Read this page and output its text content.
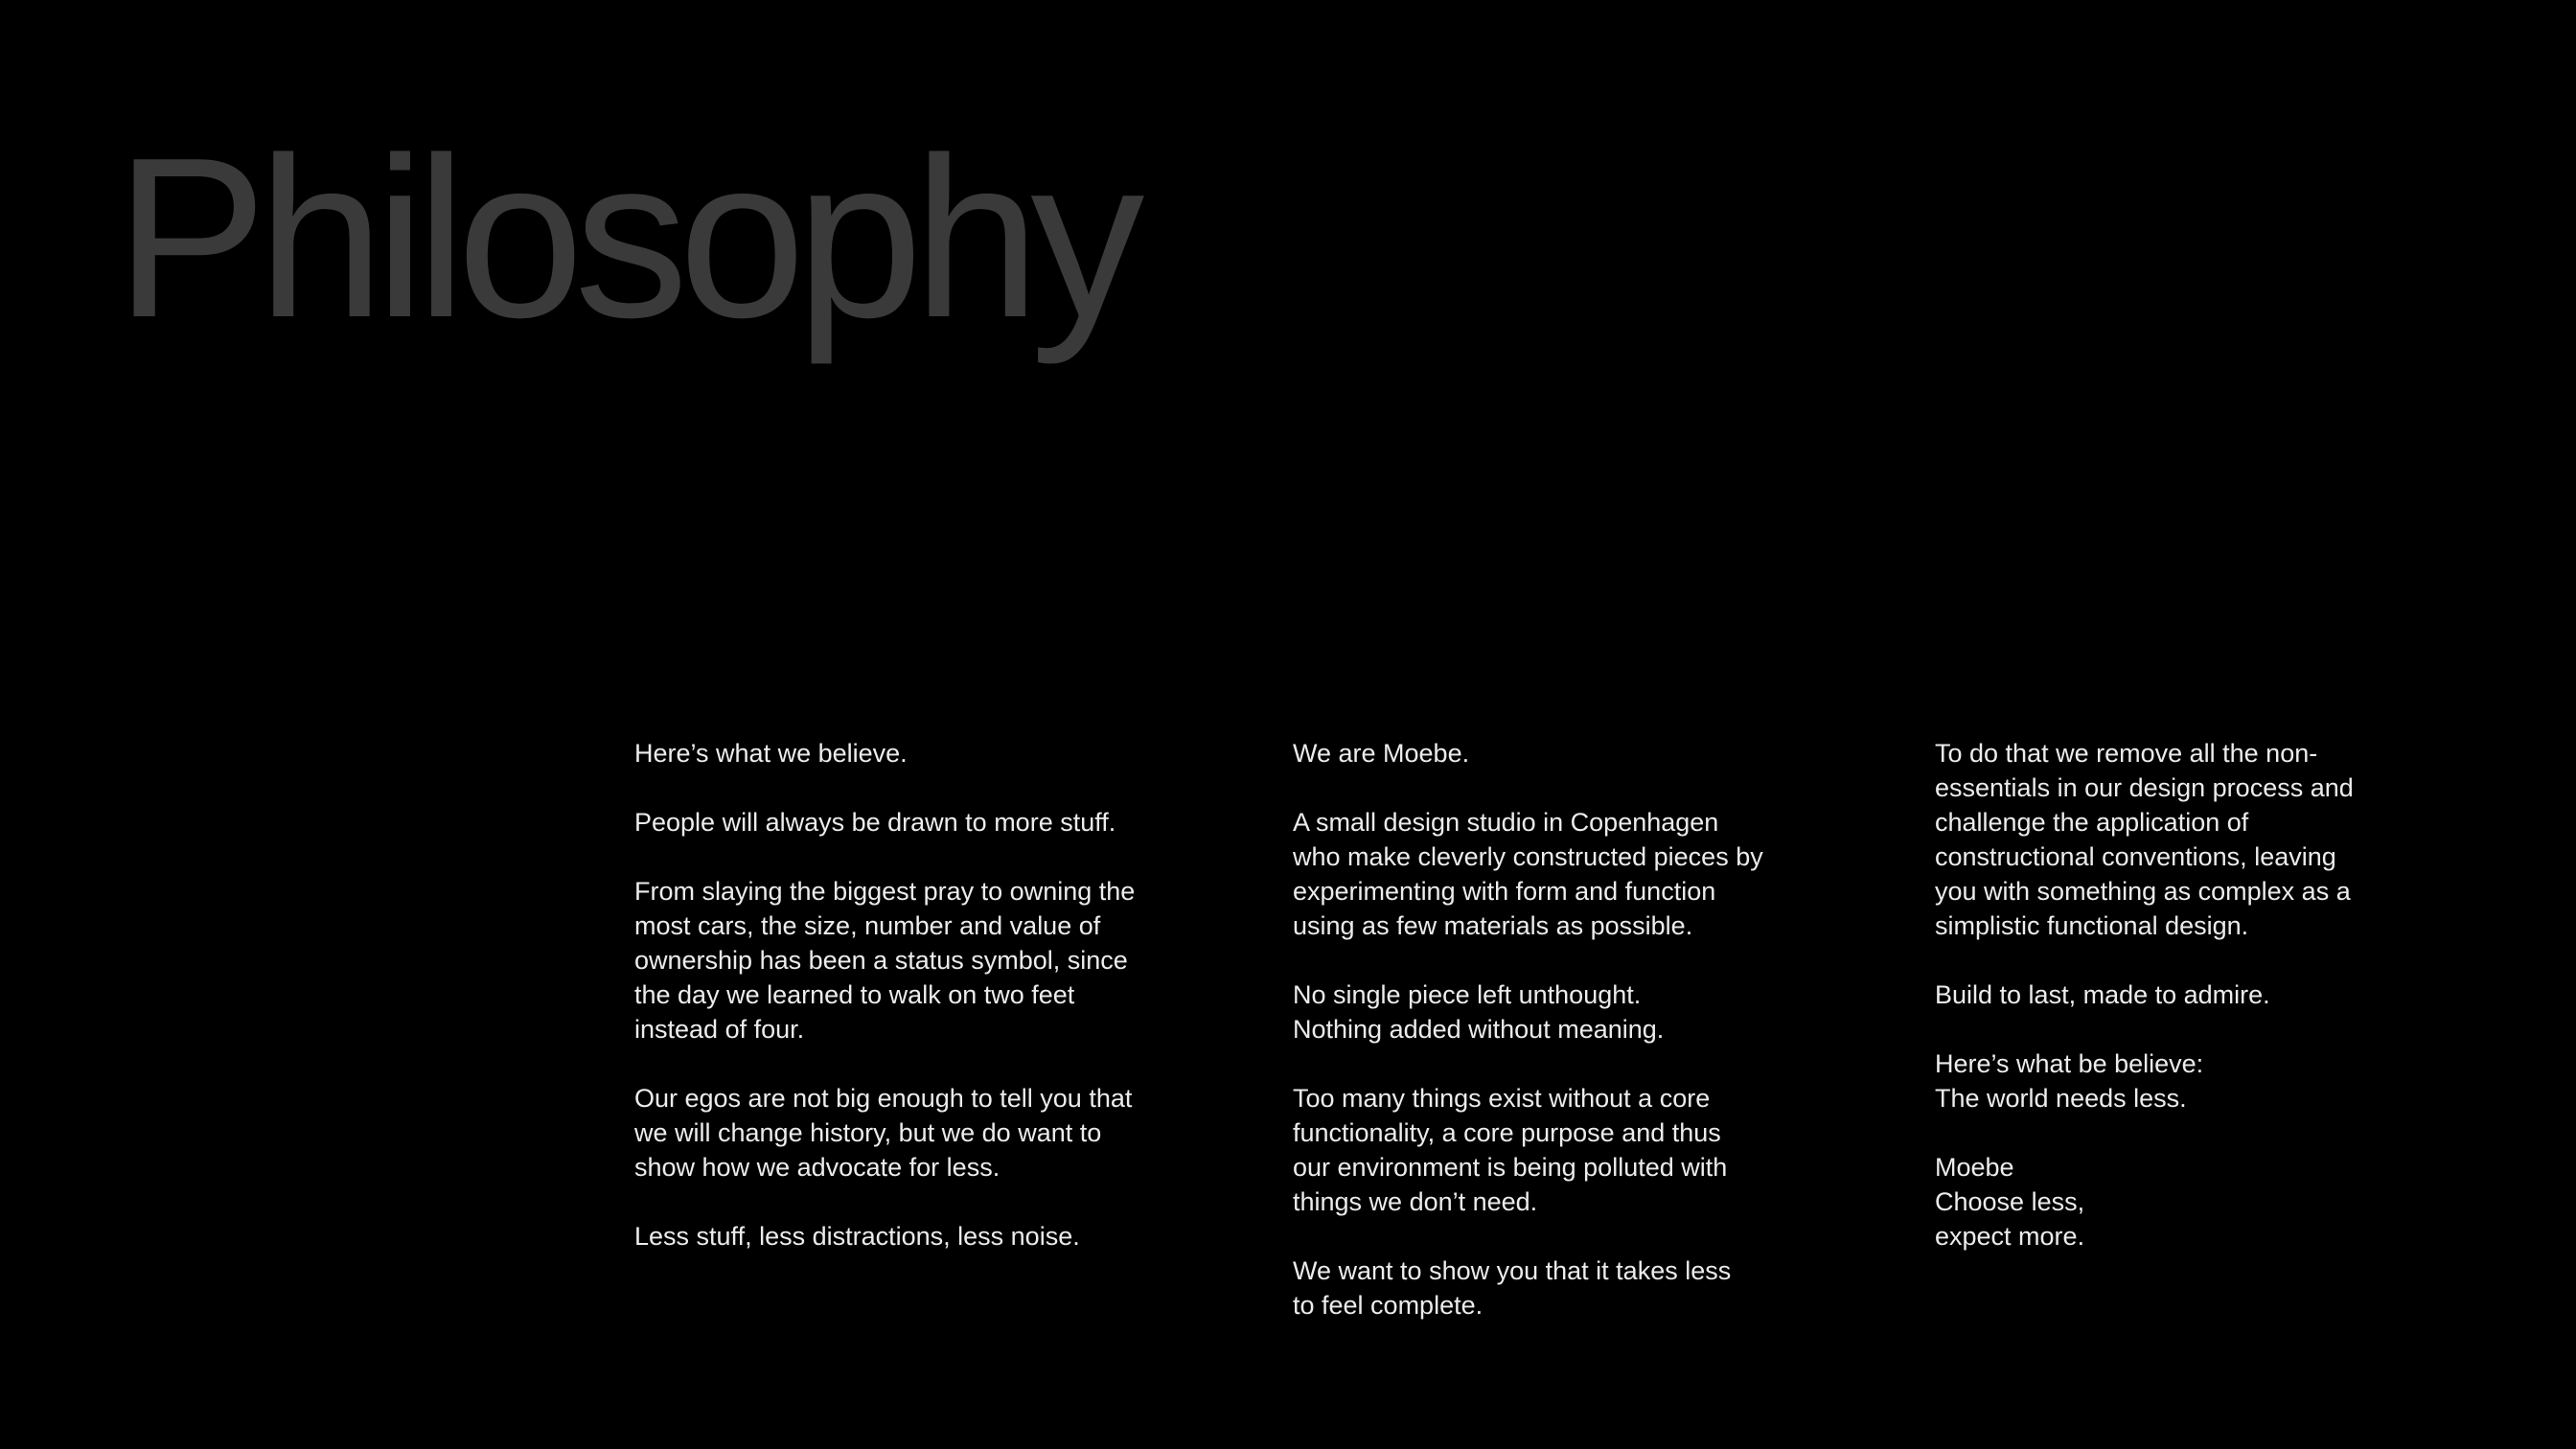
Philosophy

Here’s what we believe.

People will always be drawn to more stuff.

From slaying the biggest pray to owning the
most cars, the size, number and value of
ownership has been a status symbol, since
the day we learned to walk on two feet
instead of four.

Our egos are not big enough to tell you that
we will change history, but we do want to
show how we advocate for less.

Less stuff, less distractions, less noise.

We are Moebe.

A small design studio in Copenhagen
who make cleverly constructed pieces by
experimenting with form and function
using as few materials as possible.

No single piece left unthought.
Nothing added without meaning.

Too many things exist without a core
functionality, a core purpose and thus
our environment is being polluted with
things we don’t need.

We want to show you that it takes less
to feel complete.

To do that we remove all the non-
essentials in our design process and
challenge the application of
constructional conventions, leaving
you with something as complex as a
simplistic functional design.

Build to last, made to admire.

Here’s what be believe:
The world needs less.

Moebe
Choose less,
expect more.
